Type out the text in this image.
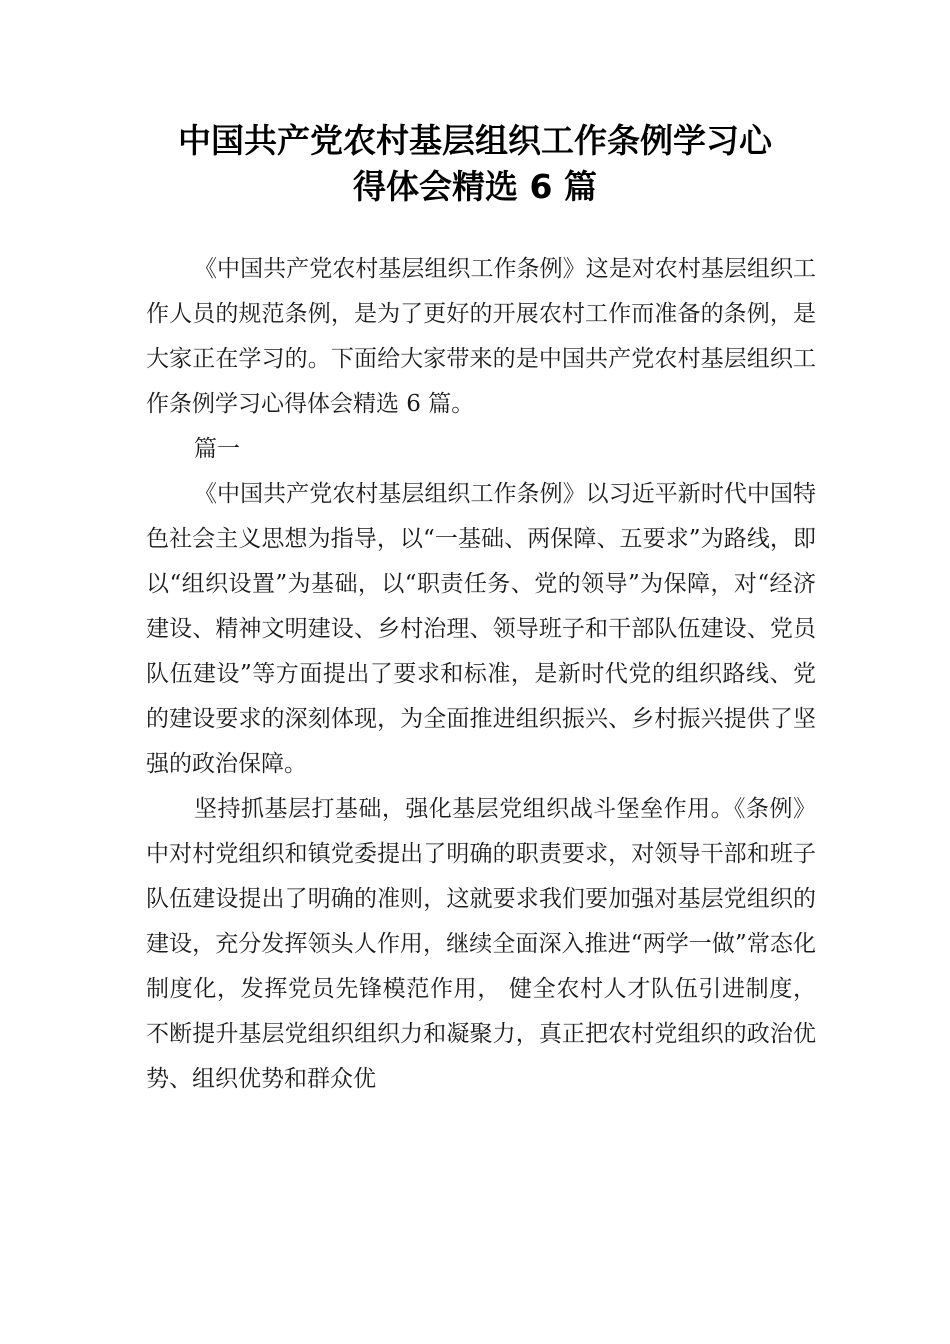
中国共产党农村基层组织工作条例学习心
得体会精选 6 篇

《中国共产党农村基层组织工作条例》这是对农村基层组织工作人员的规范条例，是为了更好的开展农村工作而准备的条例，是大家正在学习的。下面给大家带来的是中国共产党农村基层组织工作条例学习心得体会精选 6 篇。

篇一

《中国共产党农村基层组织工作条例》以习近平新时代中国特色社会主义思想为指导，以“一基础、两保障、五要求”为路线，即以“组织设置”为基础，以“职责任务、党的领导”为保障，对“经济建设、精神文明建设、乡村治理、领导班子和干部队伍建设、党员队伍建设”等方面提出了要求和标准，是新时代党的组织路线、党的建设要求的深刻体现，为全面推进组织振兴、乡村振兴提供了坚强的政治保障。

坚持抓基层打基础，强化基层党组织战斗堡垒作用。《条例》中对村党组织和镇党委提出了明确的职责要求，对领导干部和班子队伍建设提出了明确的准则，这就要求我们要加强对基层党组织的建设，充分发挥领头人作用，继续全面深入推进“两学一做”常态化制度化，发挥党员先锋模范作用， 健全农村人才队伍引进制度，不断提升基层党组织组织力和凝聚力，真正把农村党组织的政治优势、组织优势和群众优
